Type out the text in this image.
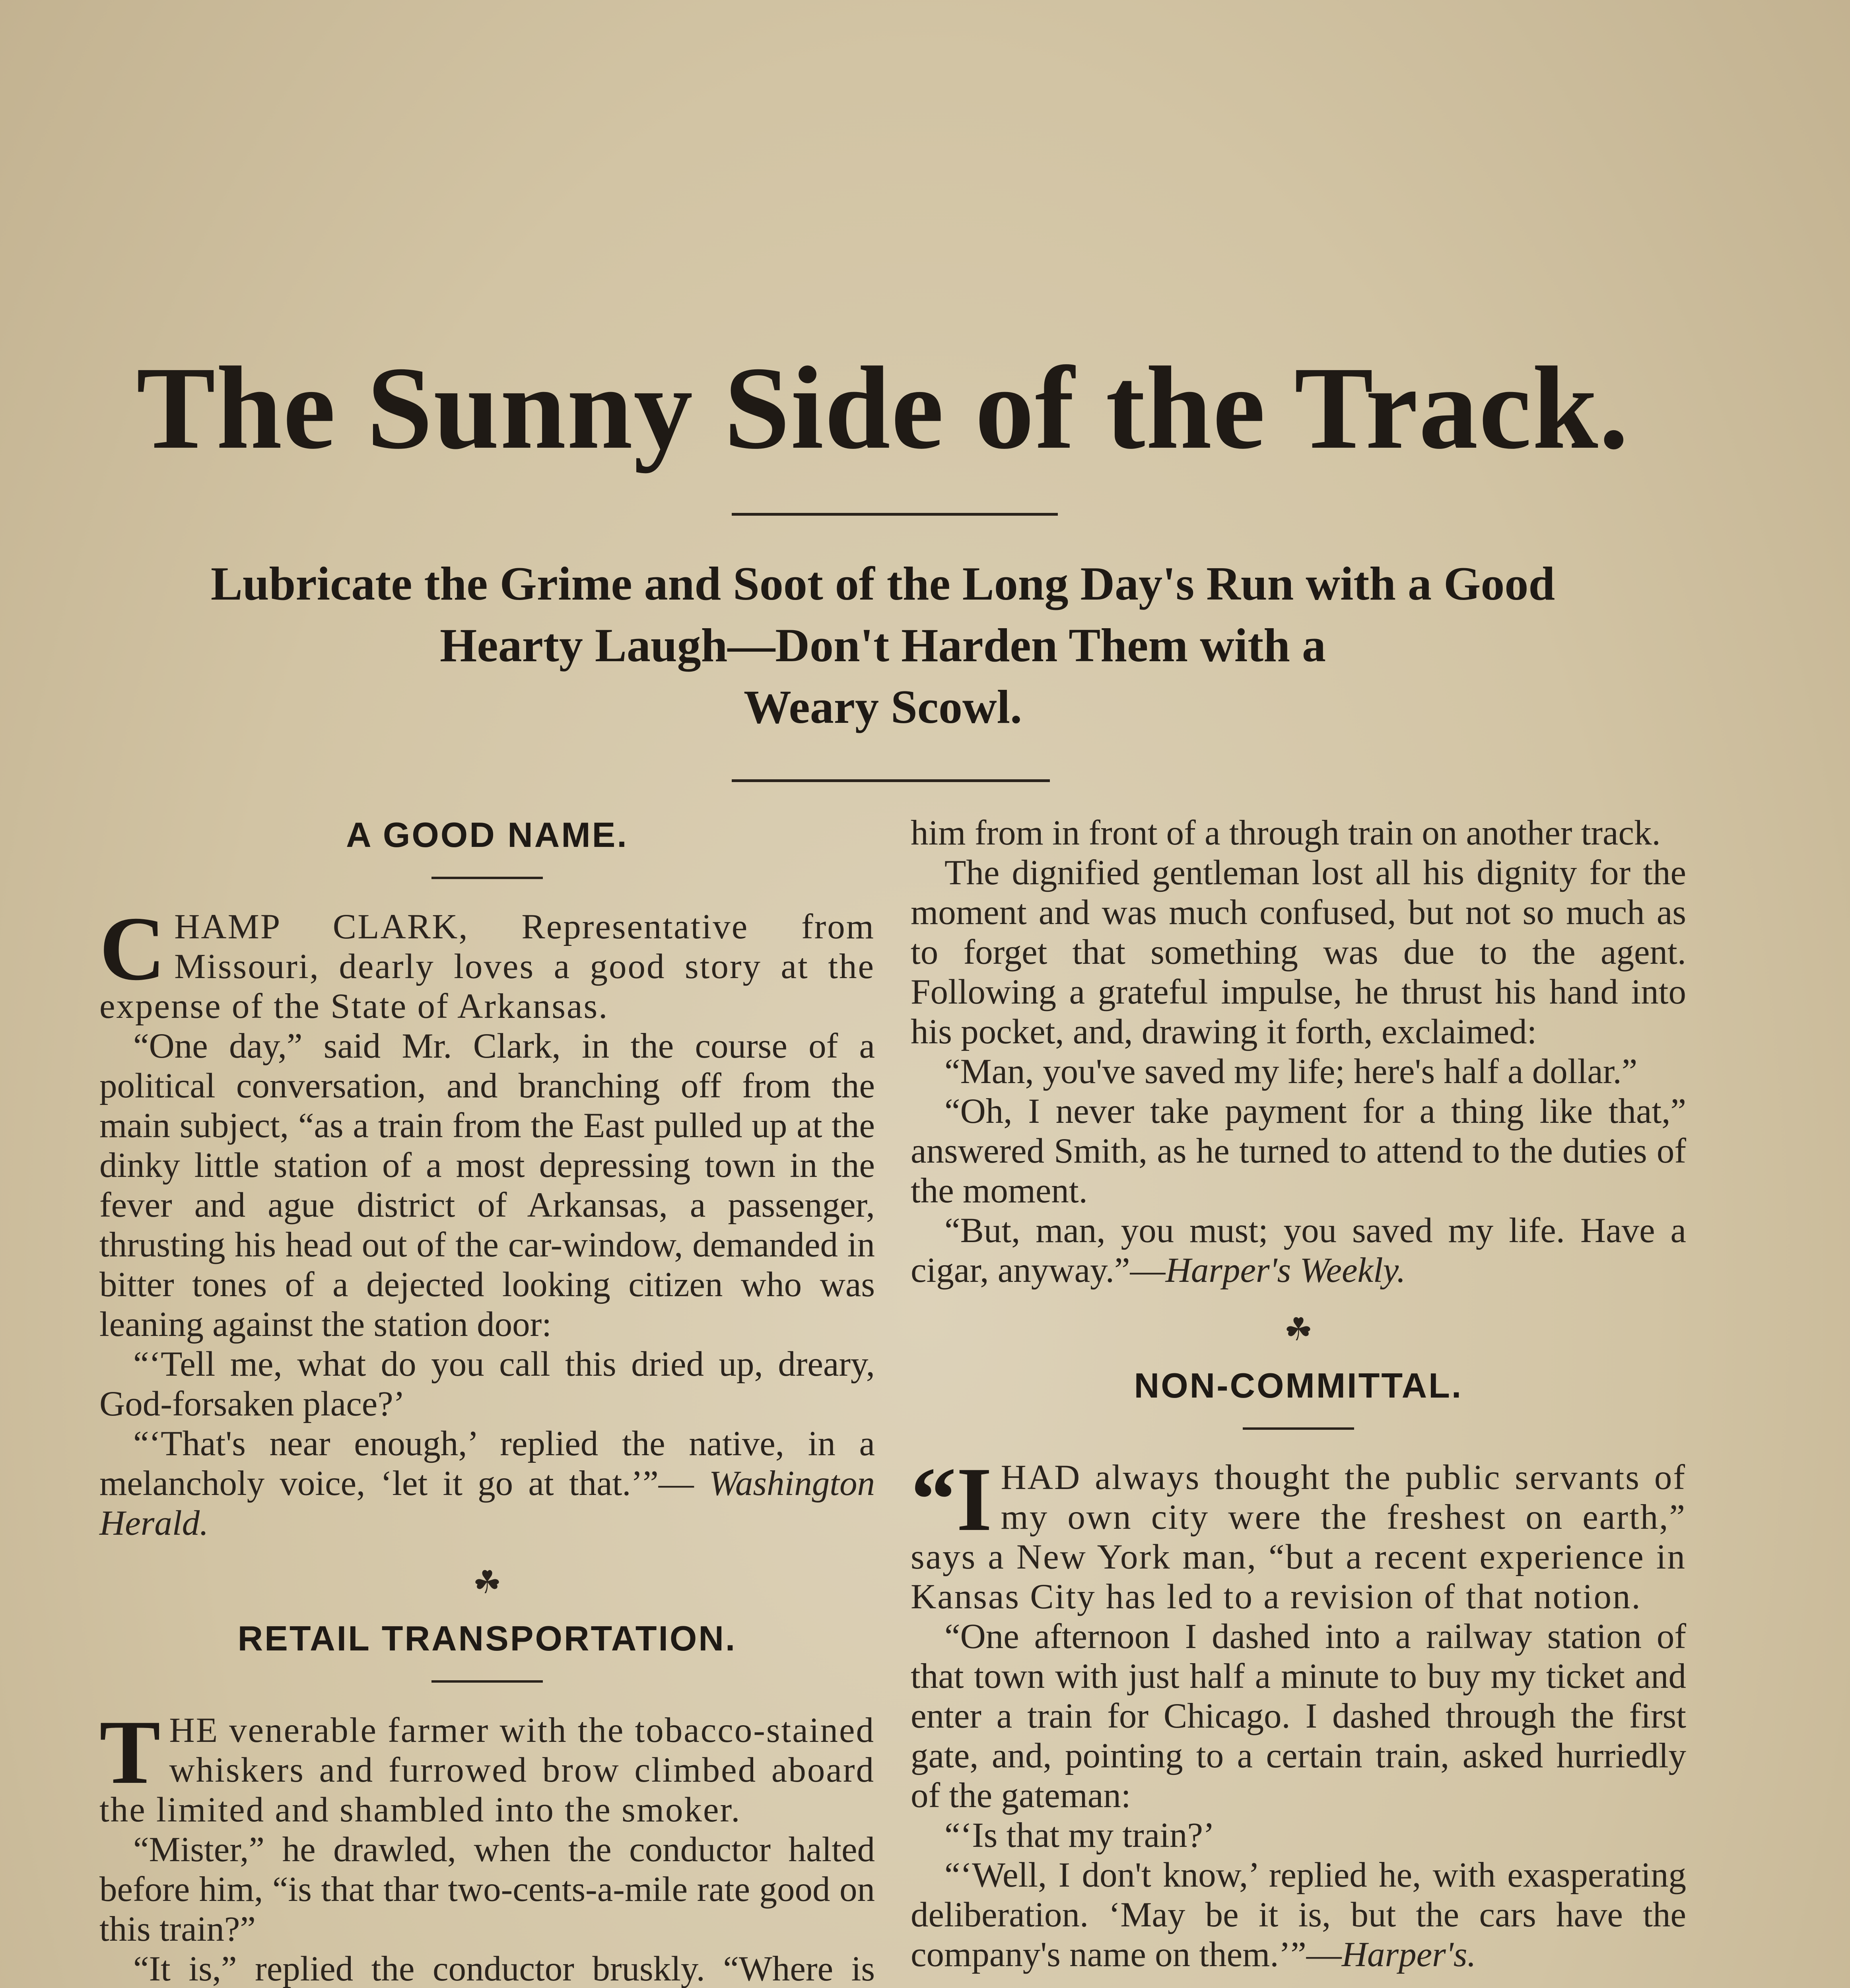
The Sunny Side of the Track.
Lubricate the Grime and Soot of the Long Day's Run with a Good
Hearty Laugh—Don't Harden Them with a
Weary Scowl.
A GOOD NAME.

CHAMP CLARK, Representative from Missouri, dearly loves a good story at the expense of the State of Arkansas.

“One day,” said Mr. Clark, in the course of a political conversation, and branching off from the main subject, “as a train from the East pulled up at the dinky little station of a most depressing town in the fever and ague district of Arkansas, a passenger, thrusting his head out of the car-window, demanded in bitter tones of a dejected looking citizen who was leaning against the station door:

“‘Tell me, what do you call this dried up, dreary, God-forsaken place?’

“‘That's near enough,’ replied the native, in a melancholy voice, ‘let it go at that.’”— Washington Herald.

☘
RETAIL TRANSPORTATION.

THE venerable farmer with the tobacco-stained whiskers and furrowed brow climbed aboard the limited and shambled into the smoker.

“Mister,” he drawled, when the conductor halted before him, “is that thar two-cents-a-mile rate good on this train?”

“It is,” replied the conductor bruskly. “Where is

him from in front of a through train on another track.

The dignified gentleman lost all his dignity for the moment and was much confused, but not so much as to forget that something was due to the agent. Following a grateful impulse, he thrust his hand into his pocket, and, drawing it forth, exclaimed:

“Man, you've saved my life; here's half a dollar.”

“Oh, I never take payment for a thing like that,” answered Smith, as he turned to attend to the duties of the moment.

“But, man, you must; you saved my life. Have a cigar, anyway.”—Harper's Weekly.

☘
NON-COMMITTAL.

“IHAD always thought the public servants of my own city were the freshest on earth,” says a New York man, “but a recent experience in Kansas City has led to a revision of that notion.

“One afternoon I dashed into a railway station of that town with just half a minute to buy my ticket and enter a train for Chicago. I dashed through the first gate, and, pointing to a certain train, asked hurriedly of the gateman:

“‘Is that my train?’

“‘Well, I don't know,’ replied he, with exasperating deliberation. ‘May be it is, but the cars have the company's name on them.’”—Harper's.
